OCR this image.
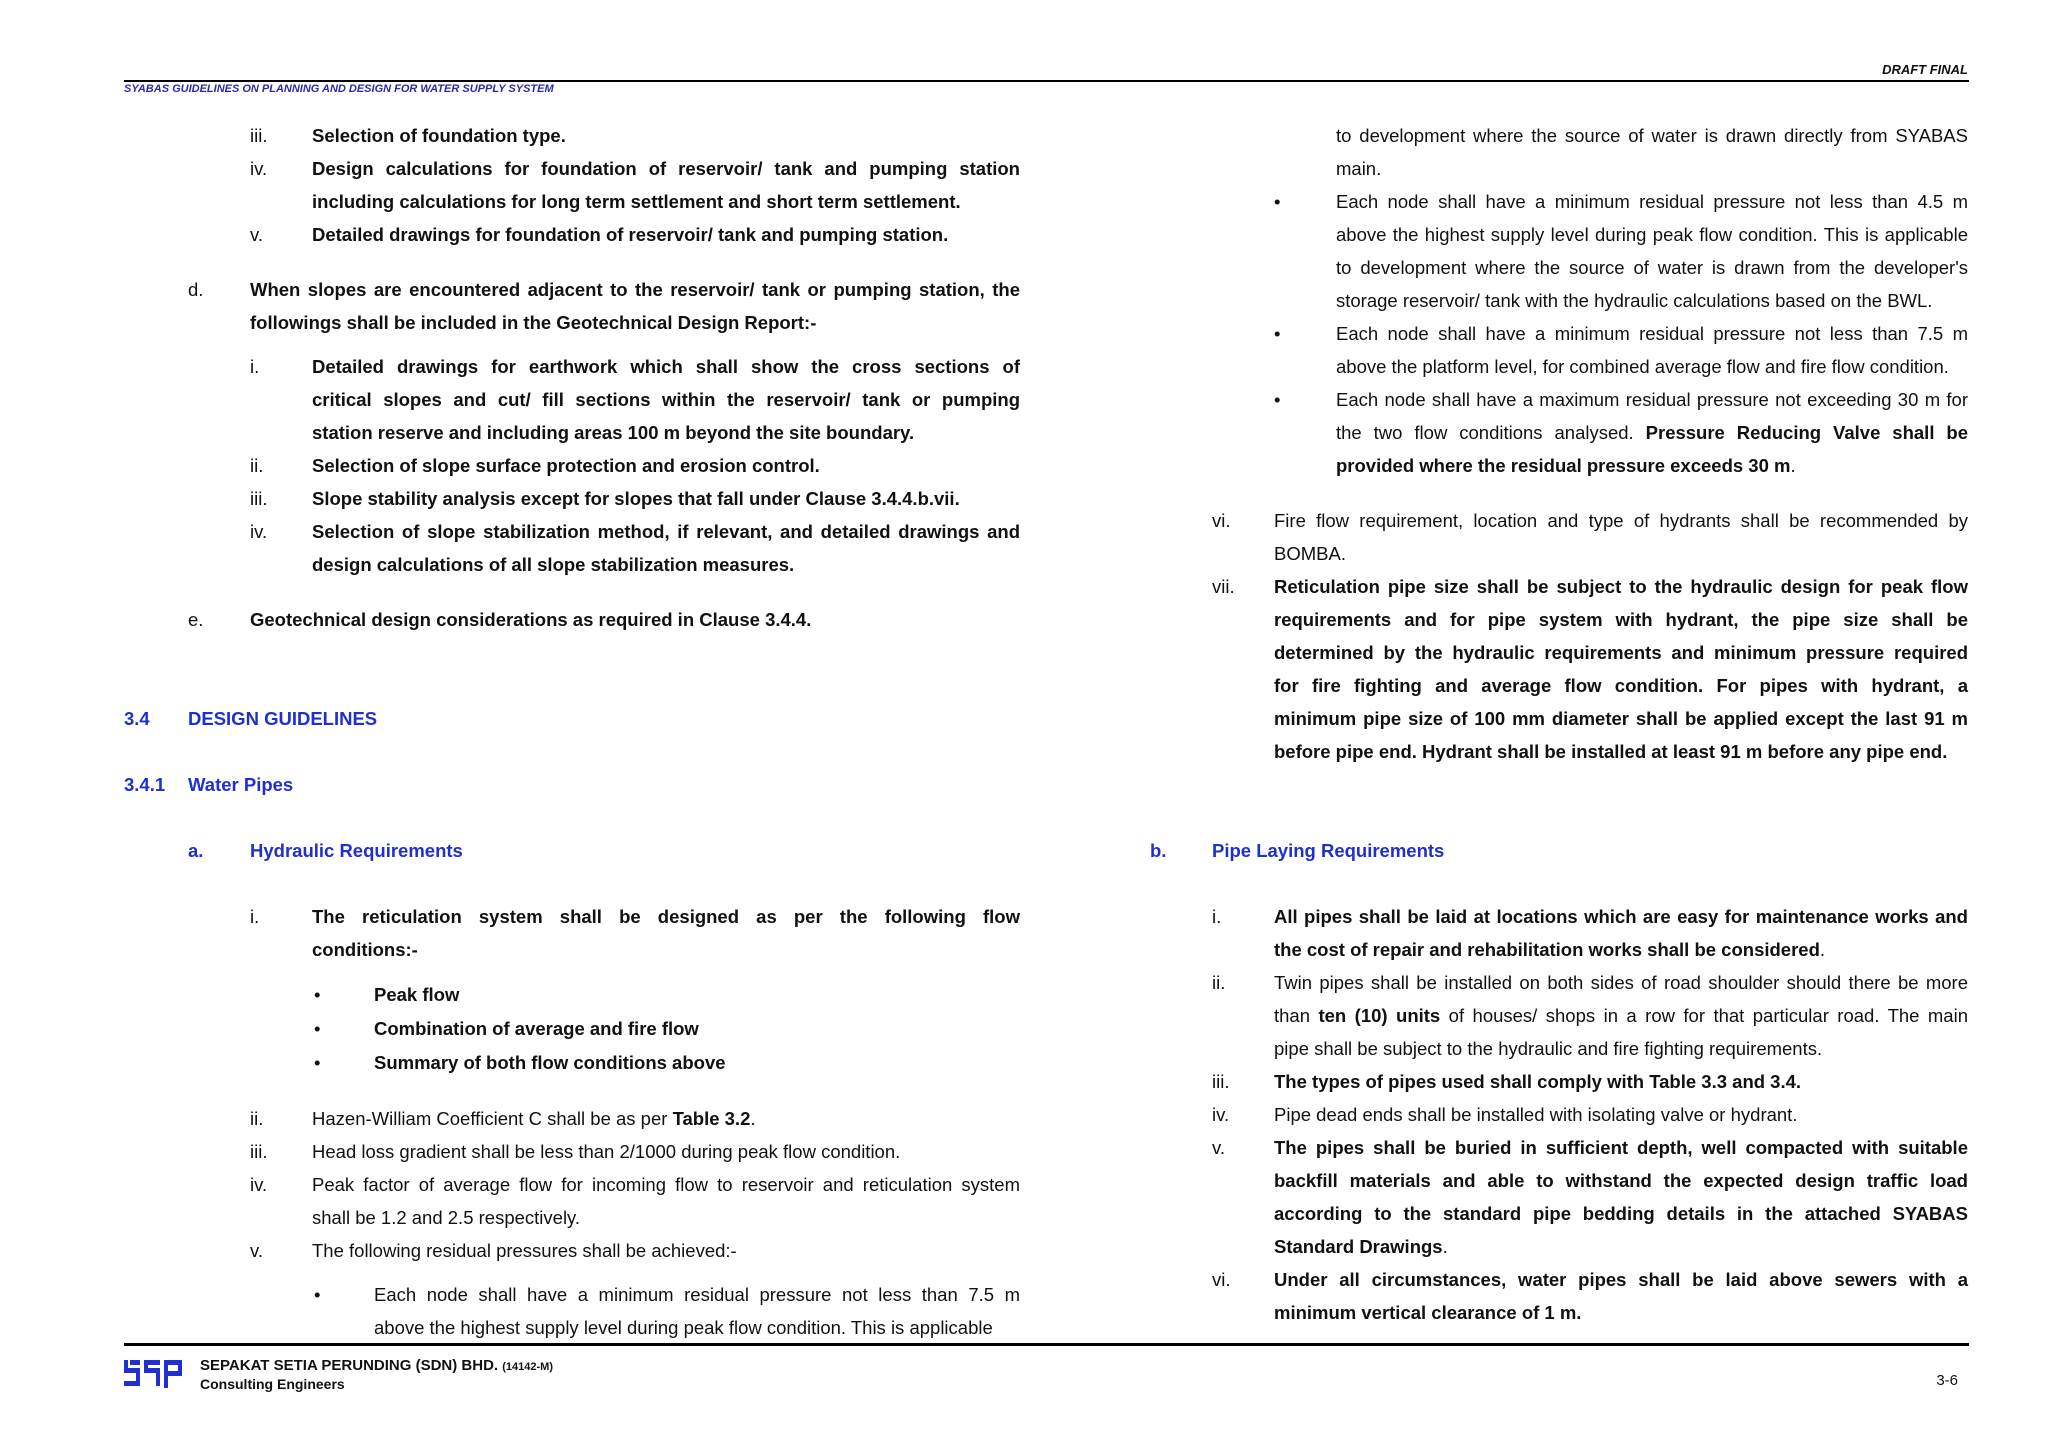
DRAFT FINAL
SYABAS GUIDELINES ON PLANNING AND DESIGN FOR WATER SUPPLY SYSTEM
iii. Selection of foundation type.
iv. Design calculations for foundation of reservoir/ tank and pumping station
including calculations for long term settlement and short term settlement.
v.	Detailed drawings for foundation of reservoir/ tank and pumping station.
d.	When slopes are encountered adjacent to the reservoir/ tank or pumping station, the
followings shall be included in the Geotechnical Design Report:-
i.	Detailed drawings for earthwork which shall show the cross sections of
critical slopes and cut/ fill sections within the reservoir/ tank or pumping
station reserve and including areas 100 m beyond the site boundary.
ii.	Selection of slope surface protection and erosion control.
iii. Slope stability analysis except for slopes that fall under Clause 3.4.4.b.vii.
iv. Selection of slope stabilization method, if relevant, and detailed drawings and
design calculations of all slope stabilization measures.
e.	Geotechnical design considerations as required in Clause 3.4.4.
3.4 DESIGN GUIDELINES
3.4.1 Water Pipes
a.	Hydraulic Requirements
i.	The reticulation system shall be designed as per the following flow
conditions:-
•	Peak flow
•	Combination of average and fire flow
•	Summary of both flow conditions above
ii.	Hazen-William Coefficient C shall be as per Table 3.2.
iii. Head loss gradient shall be less than 2/1000 during peak flow condition.
iv. Peak factor of average flow for incoming flow to reservoir and reticulation system
shall be 1.2 and 2.5 respectively.
v.	The following residual pressures shall be achieved:-
•	Each node shall have a minimum residual pressure not less than 7.5 m
above the highest supply level during peak flow condition. This is applicable
to development where the source of water is drawn directly from SYABAS
main.
•	Each node shall have a minimum residual pressure not less than 4.5 m
above the highest supply level during peak flow condition. This is applicable
to development where the source of water is drawn from the developer's
storage reservoir/ tank with the hydraulic calculations based on the BWL.
•	Each node shall have a minimum residual pressure not less than 7.5 m
above the platform level, for combined average flow and fire flow condition.
•	Each node shall have a maximum residual pressure not exceeding 30 m for
the two flow conditions analysed. Pressure Reducing Valve shall be
provided where the residual pressure exceeds 30 m.
vi. Fire flow requirement, location and type of hydrants shall be recommended by
BOMBA.
vii. Reticulation pipe size shall be subject to the hydraulic design for peak flow
requirements and for pipe system with hydrant, the pipe size shall be
determined by the hydraulic requirements and minimum pressure required
for fire fighting and average flow condition. For pipes with hydrant, a
minimum pipe size of 100 mm diameter shall be applied except the last 91 m
before pipe end. Hydrant shall be installed at least 91 m before any pipe end.
b. Pipe Laying Requirements
i.	All pipes shall be laid at locations which are easy for maintenance works and
the cost of repair and rehabilitation works shall be considered.
ii.	Twin pipes shall be installed on both sides of road shoulder should there be more
than ten (10) units of houses/ shops in a row for that particular road. The main
pipe shall be subject to the hydraulic and fire fighting requirements.
iii. The types of pipes used shall comply with Table 3.3 and 3.4.
iv. Pipe dead ends shall be installed with isolating valve or hydrant.
v.	The pipes shall be buried in sufficient depth, well compacted with suitable
backfill materials and able to withstand the expected design traffic load
according to the standard pipe bedding details in the attached SYABAS
Standard Drawings.
vi. Under all circumstances, water pipes shall be laid above sewers with a
minimum vertical clearance of 1 m.
SEPAKAT SETIA PERUNDING (SDN) BHD. (14142-M)
Consulting Engineers	3-6
